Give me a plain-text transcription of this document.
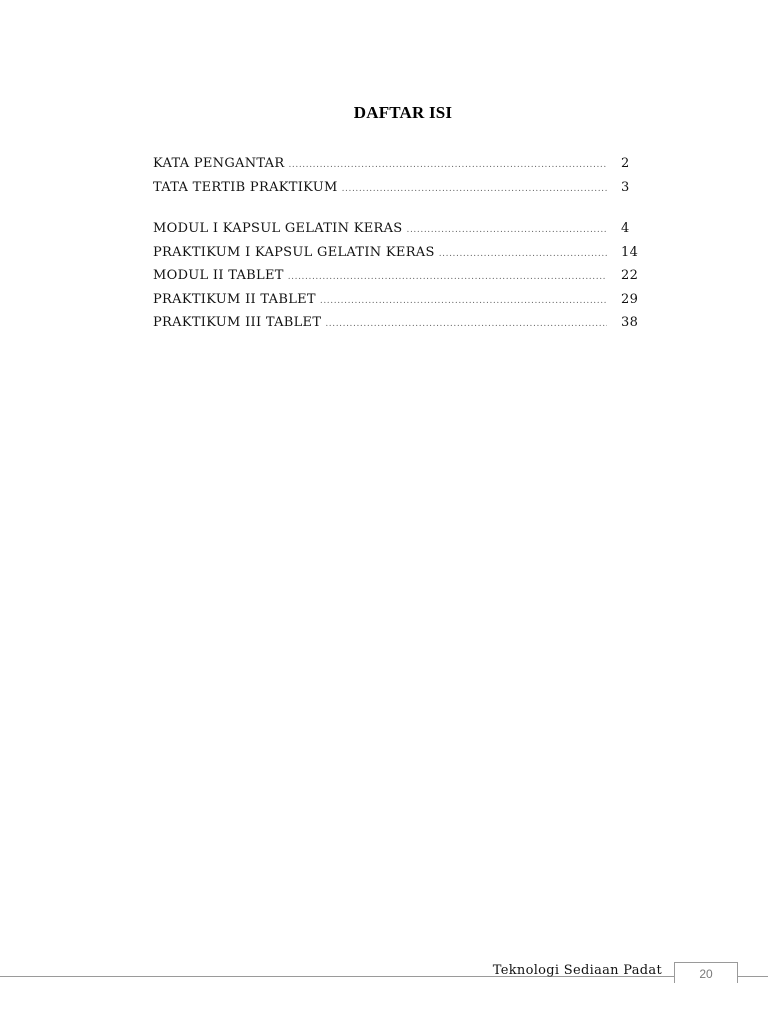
DAFTAR ISI
KATA PENGANTAR .....	2
TATA TERTIB PRAKTIKUM .....	3
MODUL I KAPSUL GELATIN KERAS .....	4
PRAKTIKUM I KAPSUL GELATIN KERAS .....	14
MODUL II TABLET .....	22
PRAKTIKUM II TABLET .....	29
PRAKTIKUM III TABLET .....	38
Teknologi Sediaan Padat	20
